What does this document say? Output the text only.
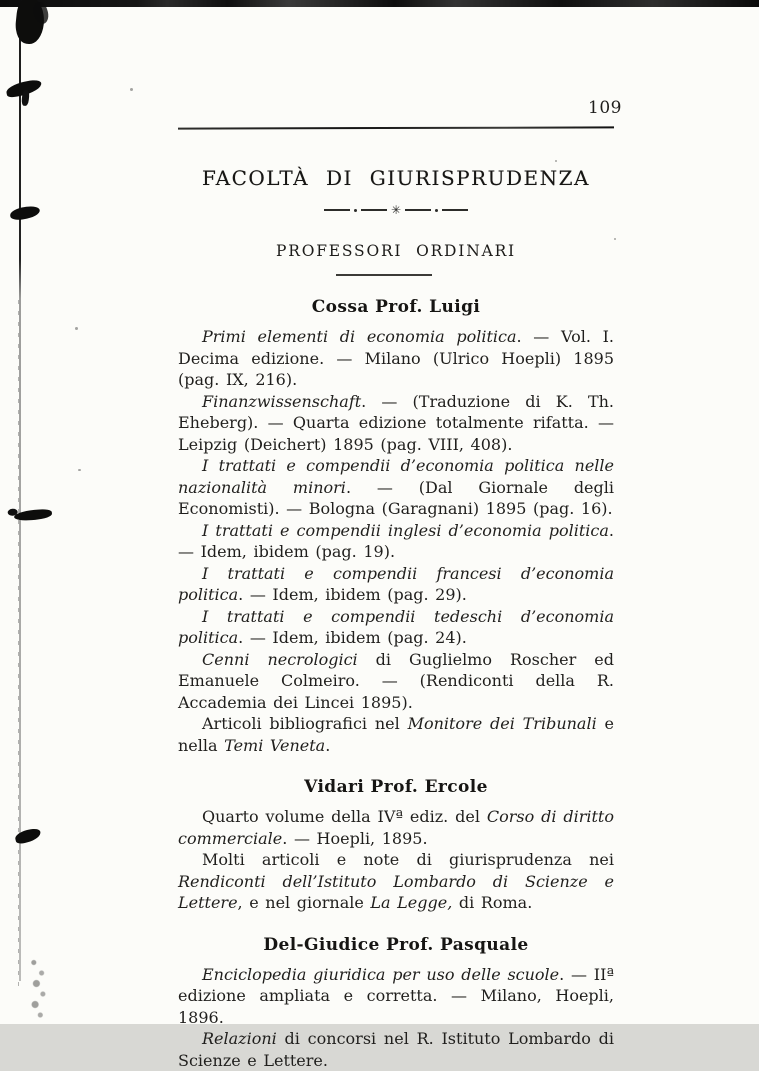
109
FACOLTÀ DI GIURISPRUDENZA
✳
PROFESSORI ORDINARI
Cossa Prof. Luigi

Primi elementi di economia politica. — Vol. I. Decima edizione. — Milano (Ulrico Hoepli) 1895 (pag. IX, 216).

Finanzwissenschaft. — (Traduzione di K. Th. Eheberg). — Quarta edizione totalmente rifatta. — Leipzig (Deichert) 1895 (pag. VIII, 408).

I trattati e compendii d’economia politica nelle nazionalità minori. — (Dal Giornale degli Economisti). — Bologna (Garagnani) 1895 (pag. 16).

I trattati e compendii inglesi d’economia politica. — Idem, ibidem (pag. 19).

I trattati e compendii francesi d’economia politica. — Idem, ibidem (pag. 29).

I trattati e compendii tedeschi d’economia politica. — Idem, ibidem (pag. 24).

Cenni necrologici di Guglielmo Roscher ed Emanuele Colmeiro. — (Rendiconti della R. Accademia dei Lincei 1895).

Articoli bibliografici nel Monitore dei Tribunali e nella Temi Veneta.

Vidari Prof. Ercole

Quarto volume della IVª ediz. del Corso di diritto commerciale. — Hoepli, 1895.

Molti articoli e note di giurisprudenza nei Rendiconti dell’Istituto Lombardo di Scienze e Lettere, e nel giornale La Legge, di Roma.

Del-Giudice Prof. Pasquale

Enciclopedia giuridica per uso delle scuole. — IIª edizione ampliata e corretta. — Milano, Hoepli, 1896.

Relazioni di concorsi nel R. Istituto Lombardo di Scienze e Lettere.
